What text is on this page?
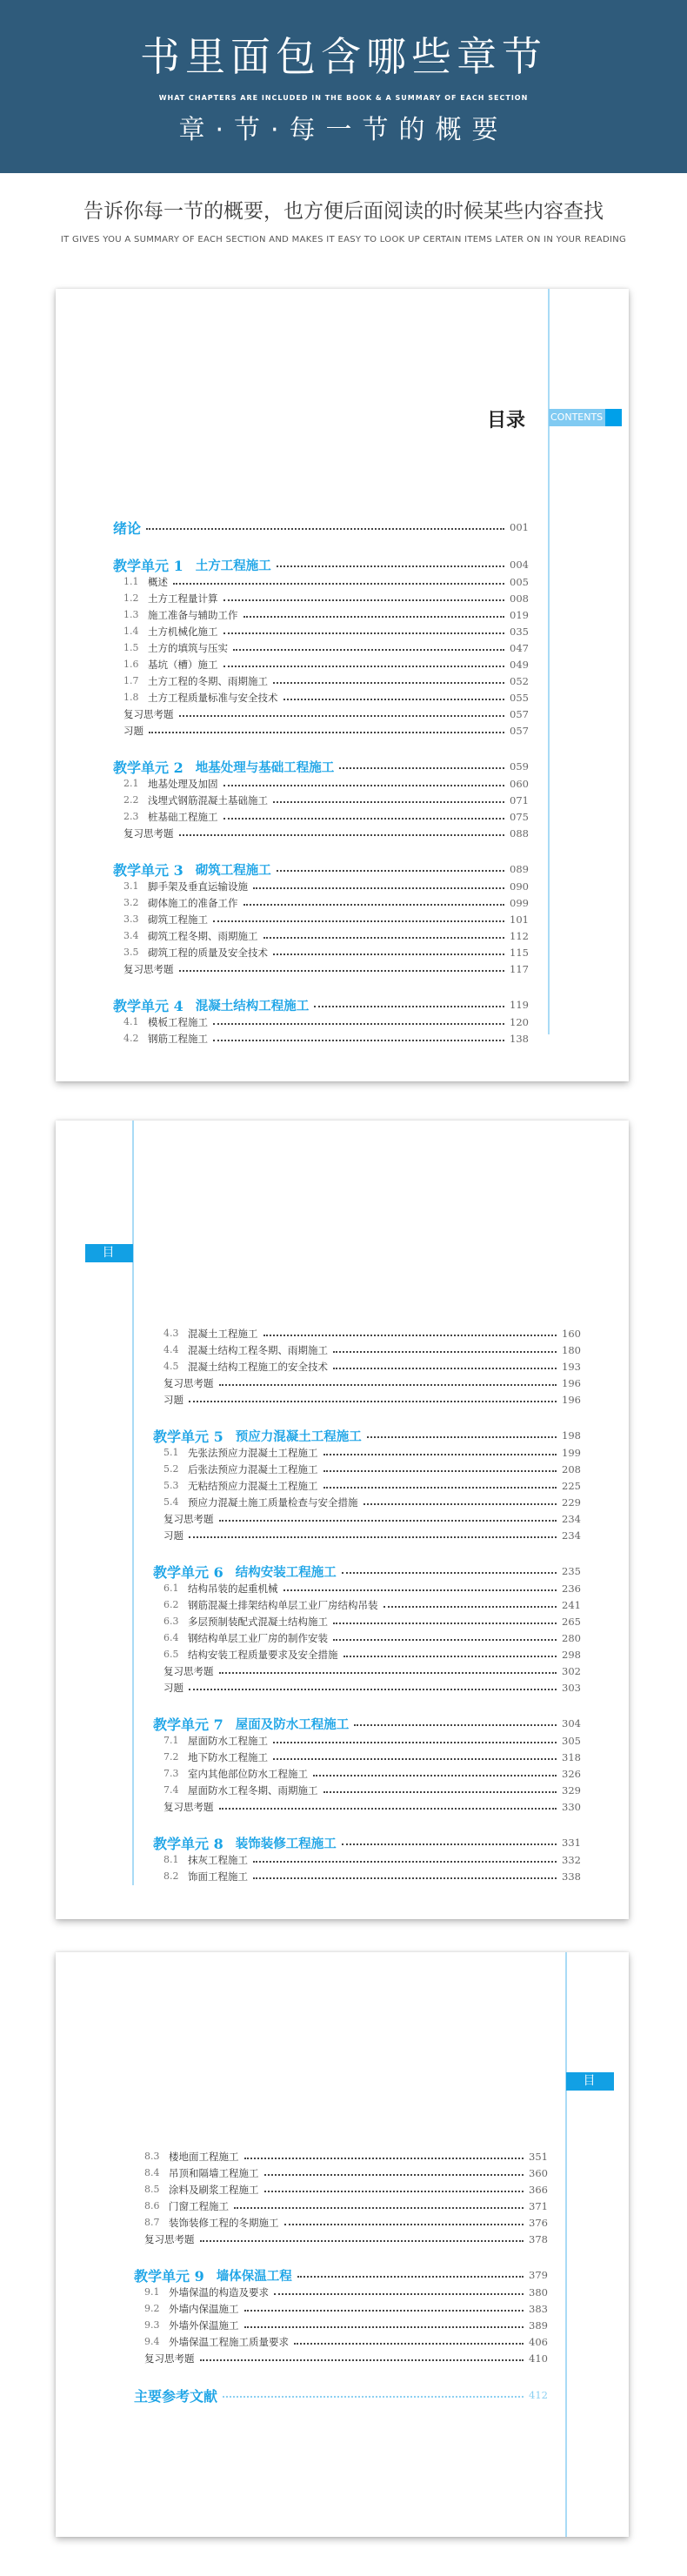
书里面包含哪些章节
WHAT CHAPTERS ARE INCLUDED IN THE BOOK & A SUMMARY OF EACH SECTION
章·节·每一节的概要
告诉你每一节的概要，也方便后面阅读的时候某些内容查找
IT GIVES YOU A SUMMARY OF EACH SECTION AND MAKES IT EASY TO LOOK UP CERTAIN ITEMS LATER ON IN YOUR READING
目录	CONTENTS
绪论	001
教学单元 1 土方工程施工	004
1.1 概述	005
1.2 土方工程量计算	008
1.3 施工准备与辅助工作	019
1.4 土方机械化施工	035
1.5 土方的填筑与压实	047
1.6 基坑（槽）施工	049
1.7 土方工程的冬期、雨期施工	052
1.8 土方工程质量标准与安全技术	055
复习思考题	057
习题	057
教学单元 2 地基处理与基础工程施工	059
2.1 地基处理及加固	060
2.2 浅埋式钢筋混凝土基础施工	071
2.3 桩基础工程施工	075
复习思考题	088
教学单元 3 砌筑工程施工	089
3.1 脚手架及垂直运输设施	090
3.2 砌体施工的准备工作	099
3.3 砌筑工程施工	101
3.4 砌筑工程冬期、雨期施工	112
3.5 砌筑工程的质量及安全技术	115
复习思考题	117
教学单元 4 混凝土结构工程施工	119
4.1 模板工程施工	120
4.2 钢筋工程施工	138
目录
4.3 混凝土工程施工	160
4.4 混凝土结构工程冬期、雨期施工	180
4.5 混凝土结构工程施工的安全技术	193
复习思考题	196
习题	196
教学单元 5 预应力混凝土工程施工	198
5.1 先张法预应力混凝土工程施工	199
5.2 后张法预应力混凝土工程施工	208
5.3 无粘结预应力混凝土工程施工	225
5.4 预应力混凝土施工质量检查与安全措施	229
复习思考题	234
习题	234
教学单元 6 结构安装工程施工	235
6.1 结构吊装的起重机械	236
6.2 钢筋混凝土排架结构单层工业厂房结构吊装	241
6.3 多层预制装配式混凝土结构施工	265
6.4 钢结构单层工业厂房的制作安装	280
6.5 结构安装工程质量要求及安全措施	298
复习思考题	302
习题	303
教学单元 7 屋面及防水工程施工	304
7.1 屋面防水工程施工	305
7.2 地下防水工程施工	318
7.3 室内其他部位防水工程施工	326
7.4 屋面防水工程冬期、雨期施工	329
复习思考题	330
教学单元 8 装饰装修工程施工	331
8.1 抹灰工程施工	332
8.2 饰面工程施工	338
目录
8.3 楼地面工程施工	351
8.4 吊顶和隔墙工程施工	360
8.5 涂料及刷浆工程施工	366
8.6 门窗工程施工	371
8.7 装饰装修工程的冬期施工	376
复习思考题	378
教学单元 9 墙体保温工程	379
9.1 外墙保温的构造及要求	380
9.2 外墙内保温施工	383
9.3 外墙外保温施工	389
9.4 外墙保温工程施工质量要求	406
复习思考题	410
主要参考文献	412
